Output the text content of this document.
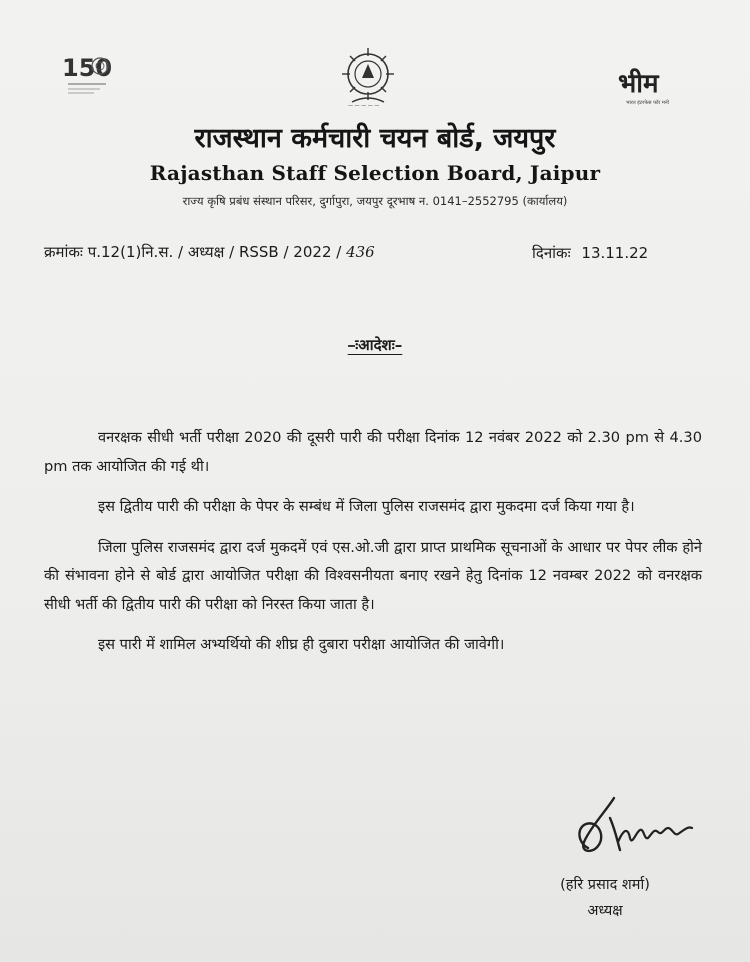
150
— — — — —
भीम
भारत इंटरफेस फॉर मनी
राजस्थान कर्मचारी चयन बोर्ड, जयपुर
Rajasthan Staff Selection Board, Jaipur
राज्य कृषि प्रबंध संस्थान परिसर, दुर्गापुरा, जयपुर दूरभाष न. 0141–2552795 (कार्यालय)
क्रमांकः प.12(1)नि.स. / अध्यक्ष / RSSB / 2022 / 436	दिनांकः 13.11.22
–ःआदेशः–

वनरक्षक सीधी भर्ती परीक्षा 2020 की दूसरी पारी की परीक्षा दिनांक 12 नवंबर 2022 को 2.30 pm से 4.30 pm तक आयोजित की गई थी।

इस द्वितीय पारी की परीक्षा के पेपर के सम्बंध में जिला पुलिस राजसमंद द्वारा मुकदमा दर्ज किया गया है।

जिला पुलिस राजसमंद द्वारा दर्ज मुकदमें एवं एस.ओ.जी द्वारा प्राप्त प्राथमिक सूचनाओं के आधार पर पेपर लीक होने की संभावना होने से बोर्ड द्वारा आयोजित परीक्षा की विश्वसनीयता बनाए रखने हेतु दिनांक 12 नवम्बर 2022 को वनरक्षक सीधी भर्ती की द्वितीय पारी की परीक्षा को निरस्त किया जाता है।

इस पारी में शामिल अभ्यर्थियो की शीघ्र ही दुबारा परीक्षा आयोजित की जावेगी।

(हरि प्रसाद शर्मा)
अध्यक्ष
